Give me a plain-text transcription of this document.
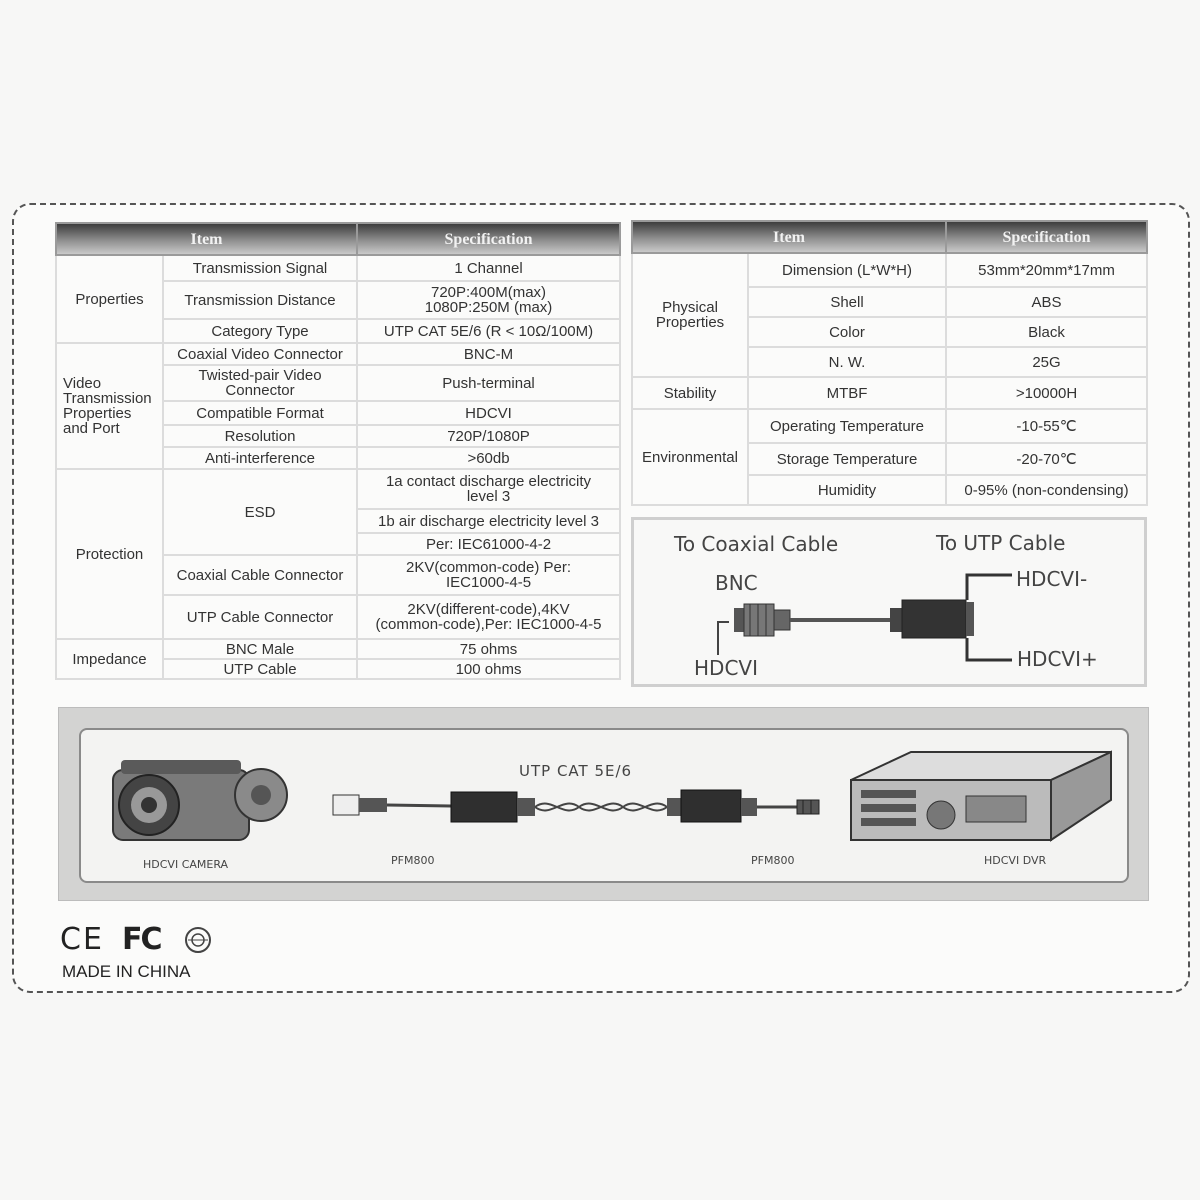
Item		Specification
Properties	Transmission Signal	1 Channel
	Transmission Distance	720P:400M(max)
1080P:250M (max)
	Category Type	UTP CAT 5E/6 (R < 10Ω/100M)
Video
Transmission
Properties
and Port	Coaxial Video Connector	BNC-M
	Twisted-pair Video
Connector	Push-terminal
	Compatible Format	HDCVI
	Resolution	720P/1080P
	Anti-interference	>60db
Protection	ESD	1a contact discharge electricity
level 3
		1b air discharge electricity level 3
		Per: IEC61000-4-2
	Coaxial Cable Connector	2KV(common-code) Per:
IEC1000-4-5
	UTP Cable Connector	2KV(different-code),4KV
(common-code),Per: IEC1000-4-5
Impedance	BNC Male	75 ohms
	UTP Cable	100 ohms
Item		Specification
Physical
Properties	Dimension (L*W*H)	53mm*20mm*17mm
	Shell	ABS
	Color	Black
	N. W.	25G
Stability	MTBF	>10000H
Environmental	Operating Temperature	-10-55℃
	Storage Temperature	-20-70℃
	Humidity	0-95% (non-condensing)
To Coaxial Cable	To UTP Cable
BNC
HDCVI
HDCVI-
HDCVI+
UTP CAT 5E/6
HDCVI CAMERA	PFM800	PFM800	HDCVI DVR
CE FC
MADE IN CHINA
